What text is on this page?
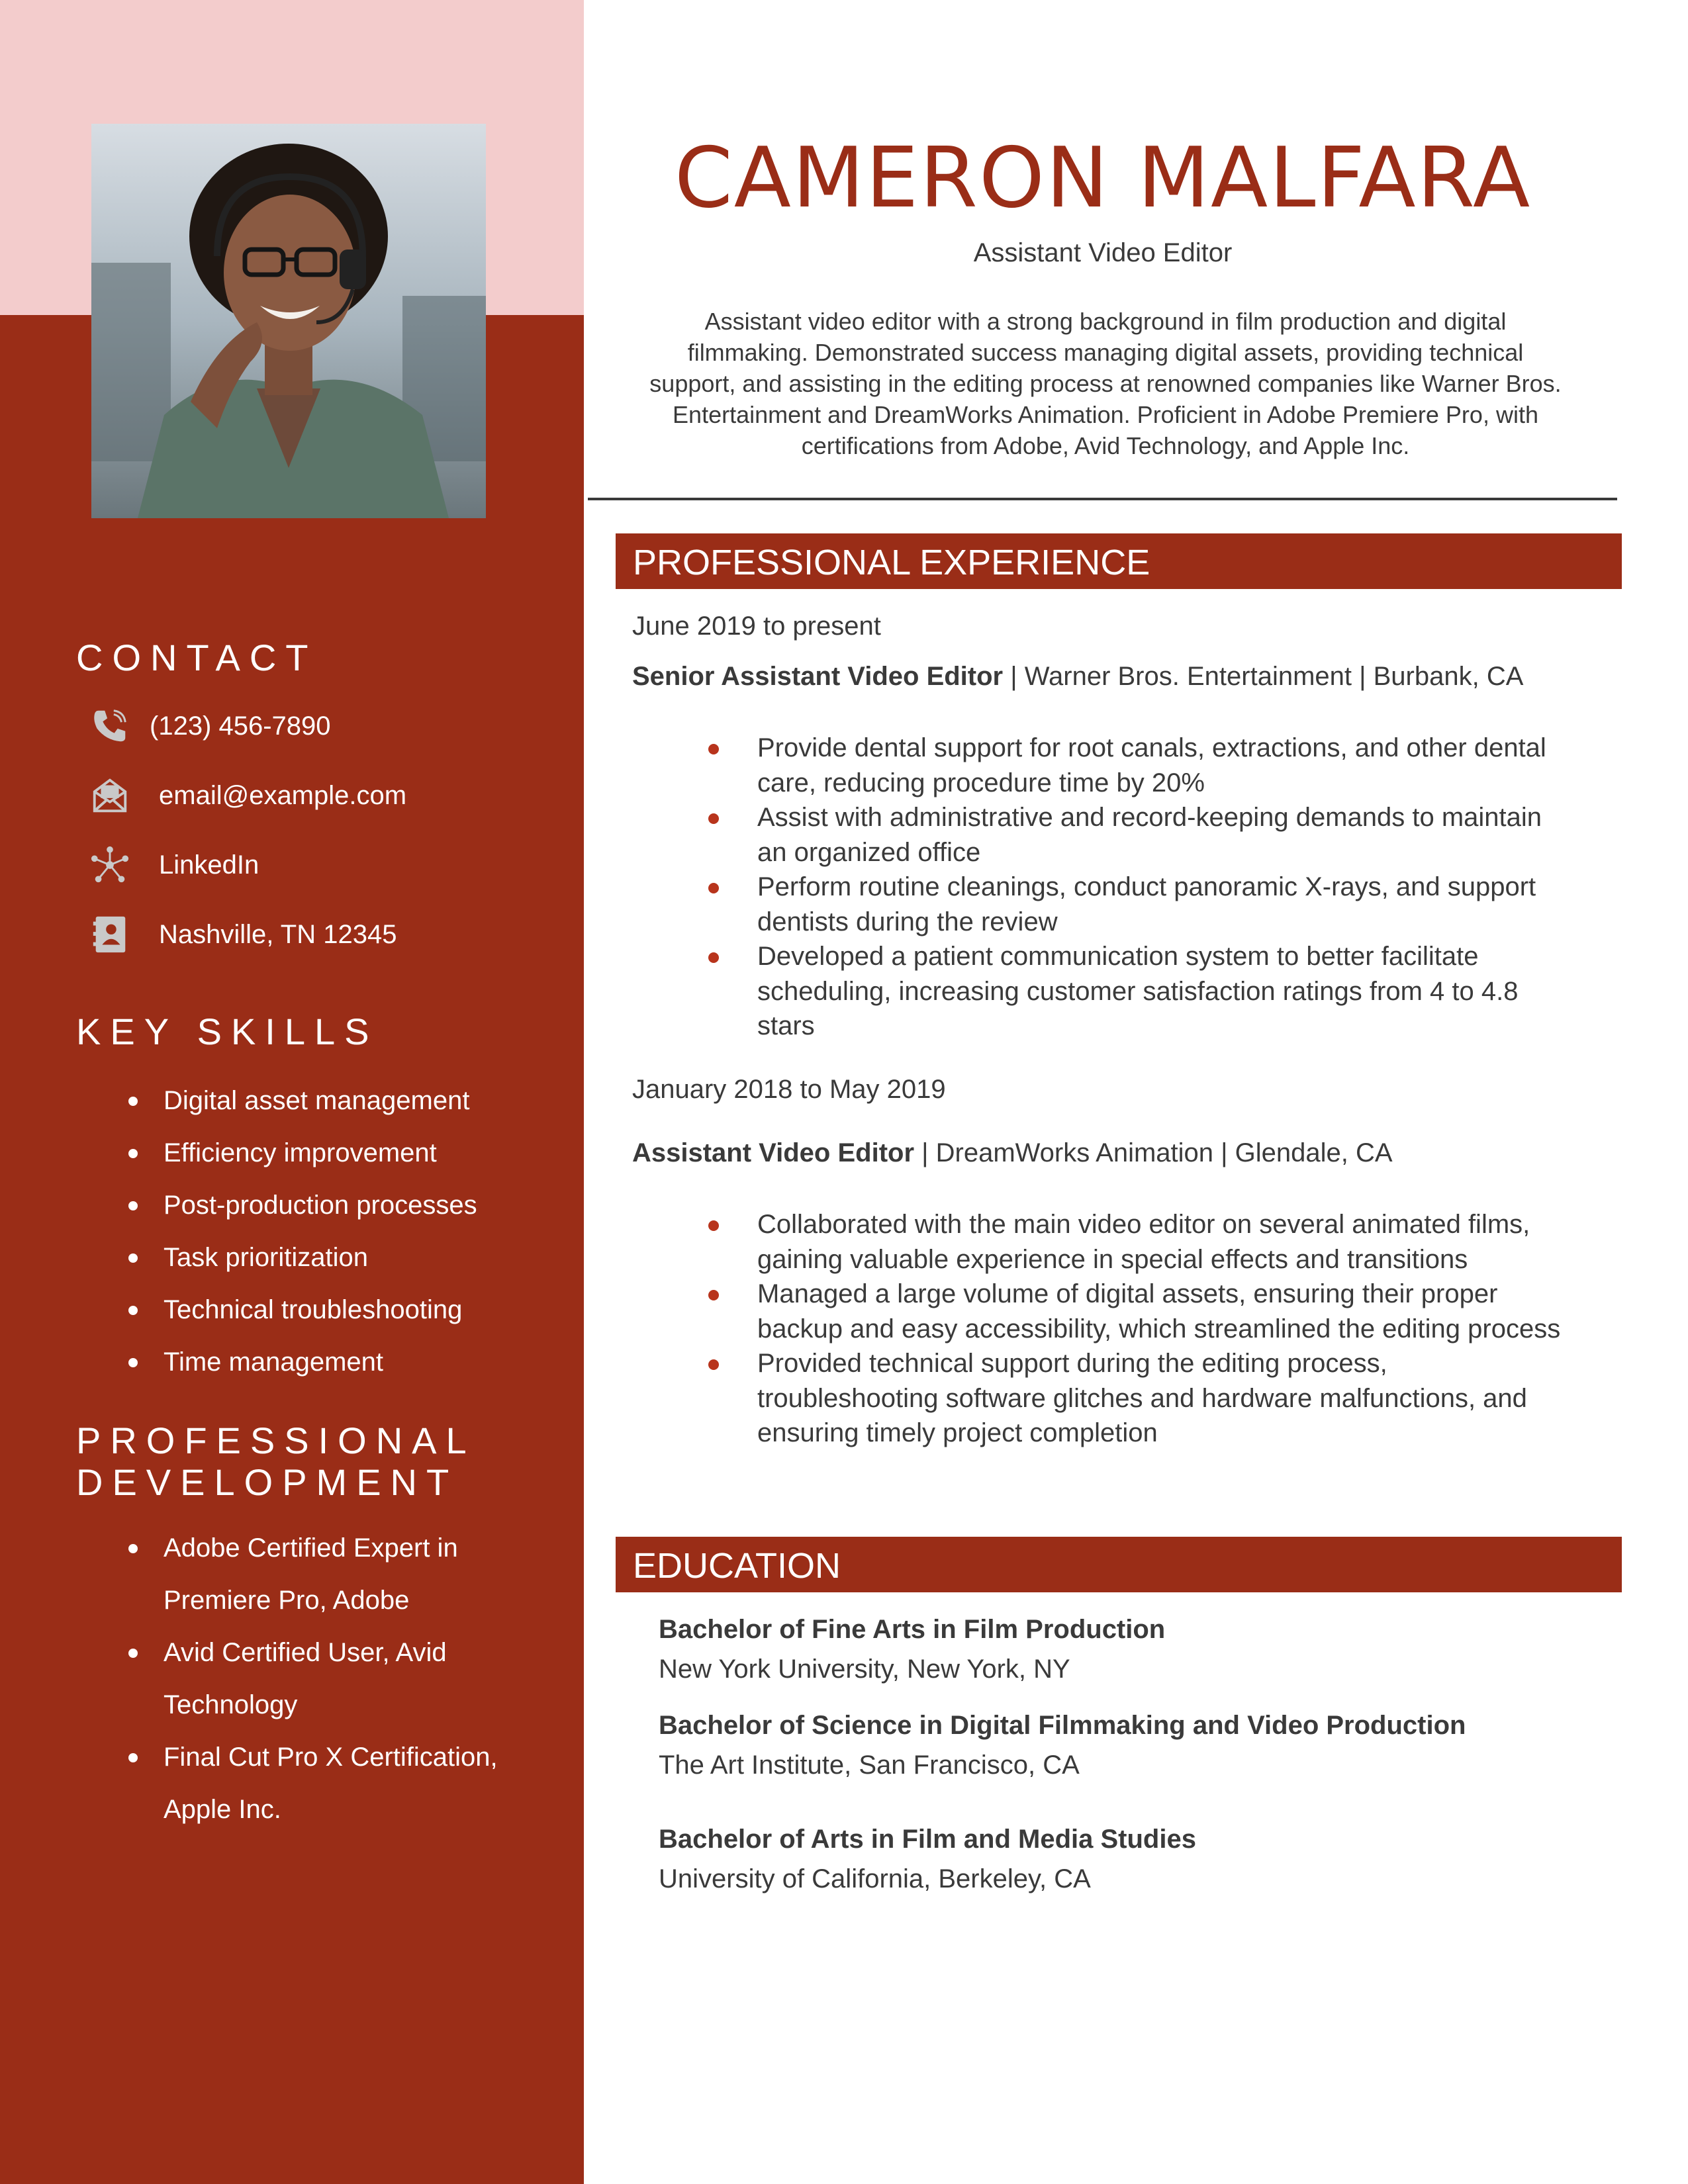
CONTACT
(123) 456-7890
email@example.com
LinkedIn
Nashville, TN 12345
KEY SKILLS
Digital asset management
Efficiency improvement
Post-production processes
Task prioritization
Technical troubleshooting
Time management
PROFESSIONAL
DEVELOPMENT
Adobe Certified Expert in Premiere Pro, Adobe
Avid Certified User, Avid Technology
Final Cut Pro X Certification, Apple Inc.
CAMERON MALFARA
Assistant Video Editor

Assistant video editor with a strong background in film production and digital filmmaking. Demonstrated success managing digital assets, providing technical support, and assisting in the editing process at renowned companies like Warner Bros. Entertainment and DreamWorks Animation. Proficient in Adobe Premiere Pro, with certifications from Adobe, Avid Technology, and Apple Inc.

PROFESSIONAL EXPERIENCE
June 2019 to present
Senior Assistant Video Editor | Warner Bros. Entertainment | Burbank, CA
Provide dental support for root canals, extractions, and other dental care, reducing procedure time by 20%
Assist with administrative and record-keeping demands to maintain an organized office
Perform routine cleanings, conduct panoramic X-rays, and support dentists during the review
Developed a patient communication system to better facilitate scheduling, increasing customer satisfaction ratings from 4 to 4.8 stars
January 2018 to May 2019
Assistant Video Editor | DreamWorks Animation | Glendale, CA
Collaborated with the main video editor on several animated films, gaining valuable experience in special effects and transitions
Managed a large volume of digital assets, ensuring their proper backup and easy accessibility, which streamlined the editing process
Provided technical support during the editing process, troubleshooting software glitches and hardware malfunctions, and ensuring timely project completion
EDUCATION
Bachelor of Fine Arts in Film Production
New York University, New York, NY
Bachelor of Science in Digital Filmmaking and Video Production
The Art Institute, San Francisco, CA
Bachelor of Arts in Film and Media Studies
University of California, Berkeley, CA
